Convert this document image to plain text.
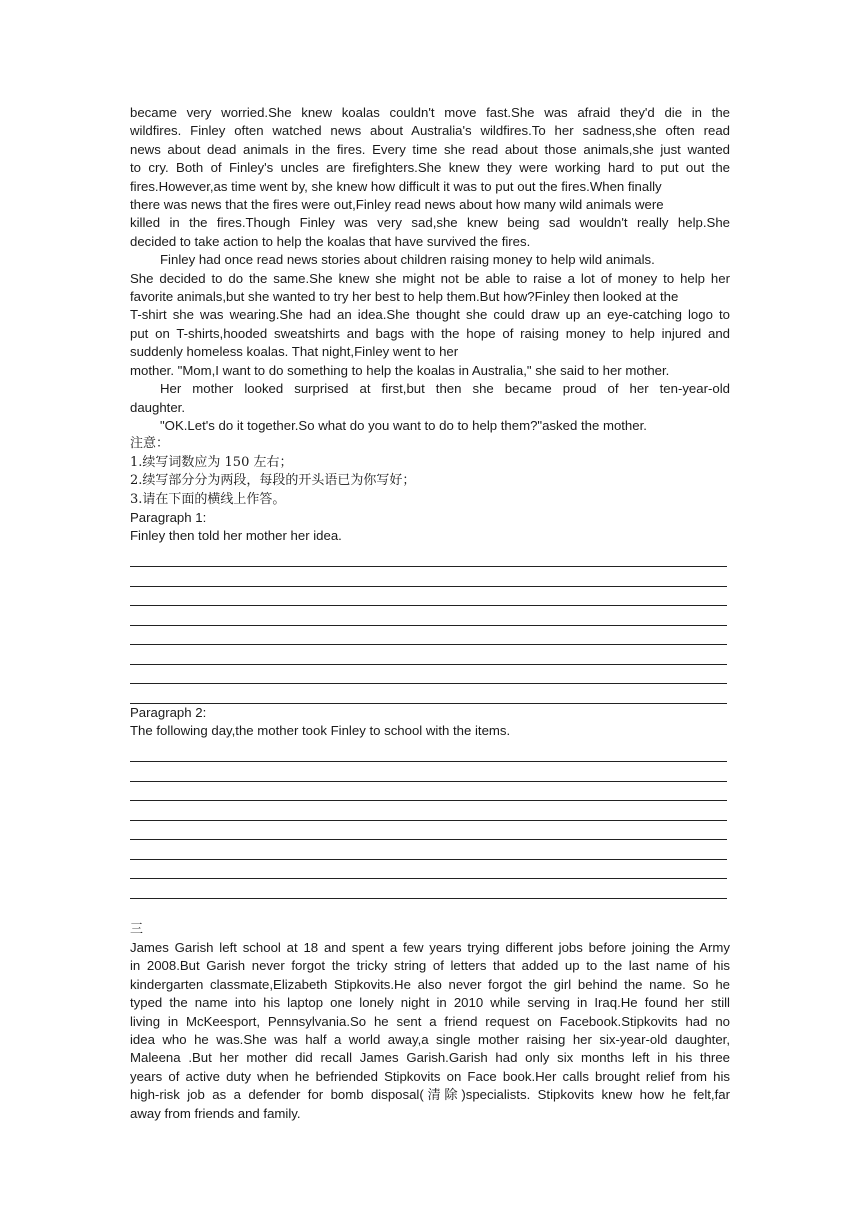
became very worried.She knew koalas couldn't move fast.She was afraid they'd die in the
wildfires. Finley often watched news about Australia's wildfires.To her sadness,she often read
news about dead animals in the fires. Every time she read about those animals,she just wanted
to cry. Both of Finley's uncles are firefighters.She knew they were working hard to put out the
fires.However,as time went by, she knew how difficult it was to put out the fires.When finally
there was news that the fires were out,Finley read news about how many wild animals were
killed in the fires.Though Finley was very sad,she knew being sad wouldn't really help.She
decided to take action to help the koalas that have survived the fires.
Finley had once read news stories about children raising money to help wild animals.
She decided to do the same.She knew she might not be able to raise a lot of money to help her
favorite animals,but she wanted to try her best to help them.But how?Finley then looked at the
T-shirt she was wearing.She had an idea.She thought she could draw up an eye-catching logo to
put on T-shirts,hooded sweatshirts and bags with the hope of raising money to help injured and
suddenly homeless koalas. That night,Finley went to her
mother. "Mom,I want to do something to help the koalas in Australia," she said to her mother.
Her mother looked surprised at first,but then she became proud of her ten-year-old
daughter.
"OK.Let's do it together.So what do you want to do to help them?"asked the mother.
注意：
1.续写词数应为 150 左右；
2.续写部分分为两段，每段的开头语已为你写好；
3.请在下面的横线上作答。
Paragraph 1:
Finley then told her mother her idea.
Paragraph 2:
The following day,the mother took Finley to school with the items.
三
James Garish left school at 18 and spent a few years trying different jobs before joining the Army
in 2008.But Garish never forgot the tricky string of letters that added up to the last name of his
kindergarten classmate,Elizabeth Stipkovits.He also never forgot the girl behind the name. So he
typed the name into his laptop one lonely night in 2010 while serving in Iraq.He found her still
living in McKeesport, Pennsylvania.So he sent a friend request on Facebook.Stipkovits had no
idea who he was.She was half a world away,a single mother raising her six-year-old daughter,
Maleena .But her mother did recall James Garish.Garish had only six months left in his three
years of active duty when he befriended Stipkovits on Face book.Her calls brought relief from his
high-risk job as a defender for bomb disposal(清除)specialists. Stipkovits knew how he felt,far
away from friends and family.
